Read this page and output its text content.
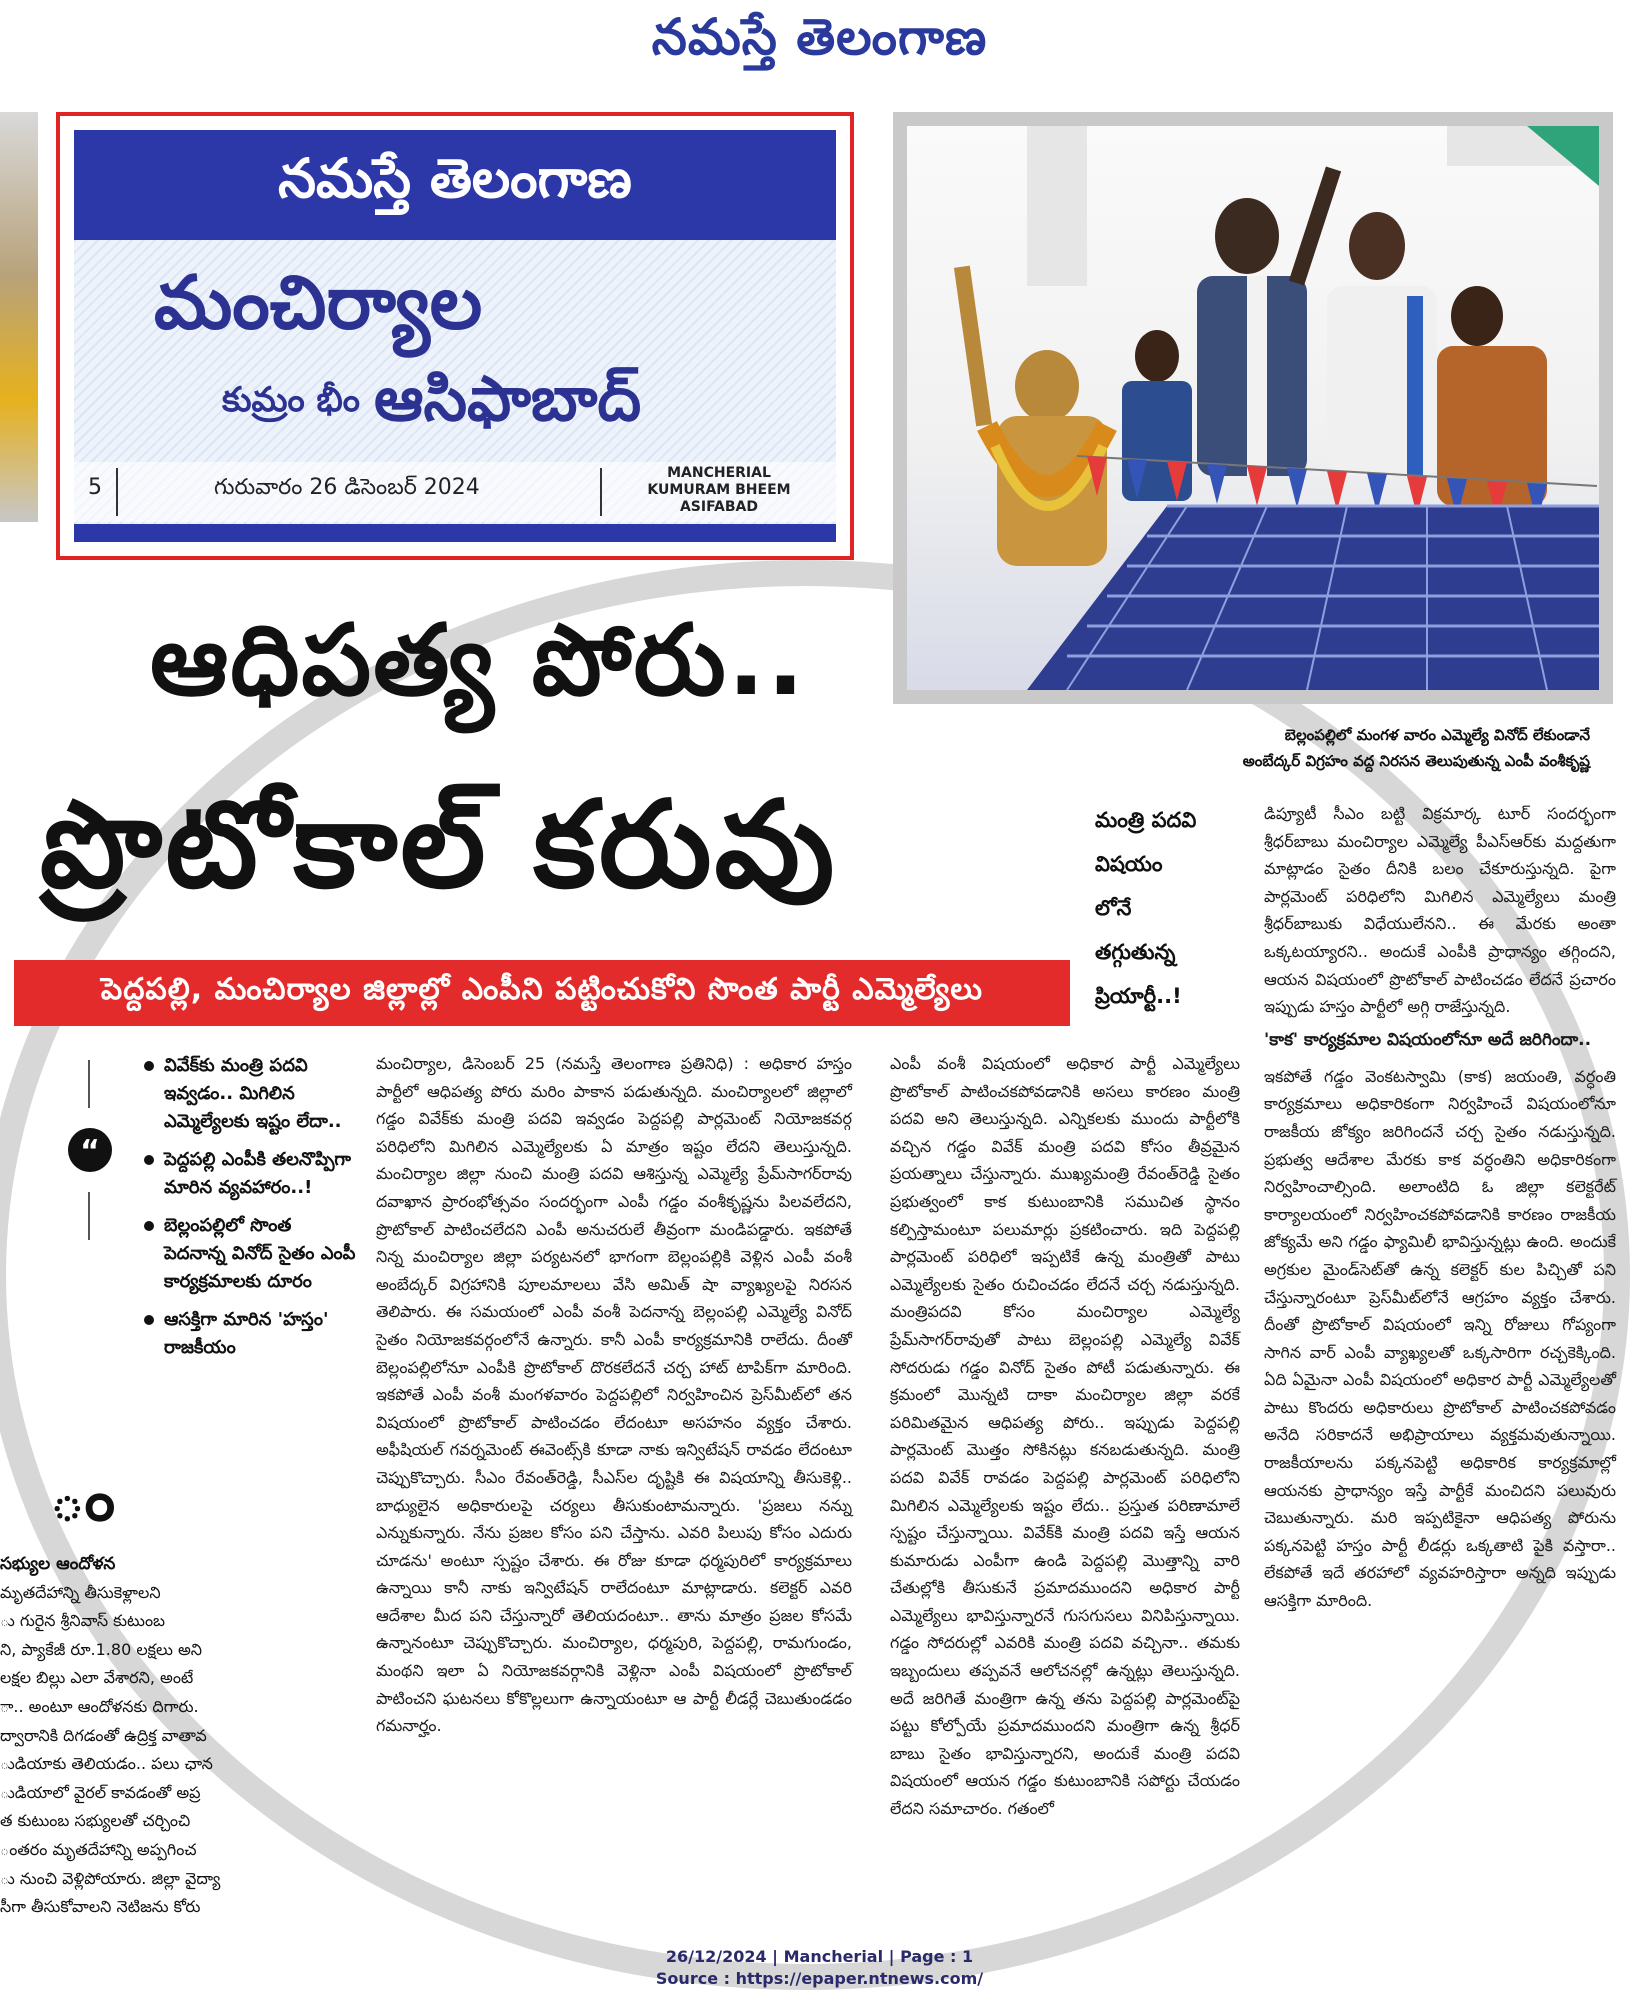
నమస్తే తెలంగాణ
నమస్తే తెలంగాణ
మంచిర్యాల
కుమ్రం భీం ఆసిఫాబాద్
5	గురువారం 26 డిసెంబర్ 2024
MANCHERIAL
KUMURAM BHEEM
ASIFABAD
బెల్లంపల్లిలో మంగళ వారం ఎమ్మెల్యే వినోద్ లేకుండానే
అంబేద్కర్ విగ్రహం వద్ద నిరసన తెలుపుతున్న ఎంపీ వంశీకృష్ణ
ఆధిపత్య పోరు..
ప్రొటోకాల్ కరువు
పెద్దపల్లి, మంచిర్యాల జిల్లాల్లో ఎంపీని పట్టించుకోని సొంత పార్టీ ఎమ్మెల్యేలు
మంత్రి పదవి
విషయం
లోనే
తగ్గుతున్న
ప్రియార్టీ..!
“
వివేక్‌కు మంత్రి పదవి ఇవ్వడం.. మిగిలిన ఎమ్మెల్యేలకు ఇష్టం లేదా..
పెద్దపల్లి ఎంపీకి తలనొప్పిగా మారిన వ్యవహారం..!
బెల్లంపల్లిలో సొంత పెదనాన్న వినోద్ సైతం ఎంపీ కార్యక్రమాలకు దూరం
ఆసక్తిగా మారిన 'హస్తం' రాజకీయం
ం
సభ్యుల ఆందోళన
మృతదేహాన్ని తీసుకెళ్లాలని
ు గురైన శ్రీనివాస్ కుటుంబ
ని, ప్యాకేజీ రూ.1.80 లక్షలు అని
లక్షల బిల్లు ఎలా వేశారని, అంటే
ా.. అంటూ ఆందోళనకు దిగారు.
ద్వారానికి దిగడంతో ఉద్రిక్త వాతావ
ుడియాకు తెలియడం.. పలు ఛాన
ుడియాలో వైరల్ కావడంతో అప్ర
త కుటుంబ సభ్యులతో చర్చించి
ంతరం మృతదేహాన్ని అప్పగించ
ు నుంచి వెళ్లిపోయారు. జిల్లా వైద్యా
సీగా తీసుకోవాలని నెటిజను కోరు

మంచిర్యాల, డిసెంబర్ 25 (నమస్తే తెలంగాణ ప్రతినిధి) : అధికార హస్తం పార్టీలో ఆధిపత్య పోరు మరిం పాకాన పడుతున్నది. మంచిర్యాలలో జిల్లాలో గడ్డం వివేక్‌కు మంత్రి పదవి ఇవ్వడం పెద్దపల్లి పార్లమెంట్ నియోజకవర్గ పరిధిలోని మిగిలిన ఎమ్మెల్యేలకు ఏ మాత్రం ఇష్టం లేదని తెలుస్తున్నది. మంచిర్యాల జిల్లా నుంచి మంత్రి పదవి ఆశిస్తున్న ఎమ్మెల్యే ప్రేమ్‌సాగర్‌రావు దవాఖాన ప్రారంభోత్సవం సందర్భంగా ఎంపీ గడ్డం వంశీకృష్ణను పిలవలేదని, ప్రొటోకాల్ పాటించలేదని ఎంపీ అనుచరులే తీవ్రంగా మండిపడ్డారు. ఇకపోతే నిన్న మంచిర్యాల జిల్లా పర్యటనలో భాగంగా బెల్లంపల్లికి వెళ్లిన ఎంపీ వంశీ అంబేద్కర్ విగ్రహానికి పూలమాలలు వేసి అమిత్ షా వ్యాఖ్యలపై నిరసన తెలిపారు. ఈ సమయంలో ఎంపీ వంశీ పెదనాన్న బెల్లంపల్లి ఎమ్మెల్యే వినోద్ సైతం నియోజకవర్గంలోనే ఉన్నారు. కానీ ఎంపీ కార్యక్రమానికి రాలేదు. దీంతో బెల్లంపల్లిలోనూ ఎంపీకి ప్రొటోకాల్ దొరకలేదనే చర్చ హాట్ టాపిక్‌గా మారింది. ఇకపోతే ఎంపీ వంశీ మంగళవారం పెద్దపల్లిలో నిర్వహించిన ప్రెస్‌మీట్‌లో తన విషయంలో ప్రొటోకాల్ పాటించడం లేదంటూ అసహనం వ్యక్తం చేశారు. అఫీషియల్ గవర్నమెంట్ ఈవెంట్స్‌కి కూడా నాకు ఇన్విటేషన్ రావడం లేదంటూ చెప్పుకొచ్చారు. సీఎం రేవంత్‌రెడ్డి, సీఎస్‌ల దృష్టికి ఈ విషయాన్ని తీసుకెళ్లి.. బాధ్యులైన అధికారులపై చర్యలు తీసుకుంటామన్నారు. 'ప్రజలు నన్ను ఎన్నుకున్నారు. నేను ప్రజల కోసం పని చేస్తాను. ఎవరి పిలుపు కోసం ఎదురు చూడను' అంటూ స్పష్టం చేశారు. ఈ రోజు కూడా ధర్మపురిలో కార్యక్రమాలు ఉన్నాయి కానీ నాకు ఇన్విటేషన్ రాలేదంటూ మాట్లాడారు. కలెక్టర్ ఎవరి ఆదేశాల మీద పని చేస్తున్నారో తెలియదంటూ.. తాను మాత్రం ప్రజల కోసమే ఉన్నానంటూ చెప్పుకొచ్చారు. మంచిర్యాల, ధర్మపురి, పెద్దపల్లి, రామగుండం, మంథని ఇలా ఏ నియోజకవర్గానికి వెళ్లినా ఎంపీ విషయంలో ప్రొటోకాల్ పాటించని ఘటనలు కోకొల్లలుగా ఉన్నాయంటూ ఆ పార్టీ లీడర్లే చెబుతుండడం గమనార్హం.

ఎంపీ వంశీ విషయంలో అధికార పార్టీ ఎమ్మెల్యేలు ప్రొటోకాల్ పాటించకపోవడానికి అసలు కారణం మంత్రి పదవి అని తెలుస్తున్నది. ఎన్నికలకు ముందు పార్టీలోకి వచ్చిన గడ్డం వివేక్ మంత్రి పదవి కోసం తీవ్రమైన ప్రయత్నాలు చేస్తున్నారు. ముఖ్యమంత్రి రేవంత్‌రెడ్డి సైతం ప్రభుత్వంలో కాక కుటుంబానికి సముచిత స్థానం కల్పిస్తామంటూ పలుమార్లు ప్రకటించారు. ఇది పెద్దపల్లి పార్లమెంట్ పరిధిలో ఇప్పటికే ఉన్న మంత్రితో పాటు ఎమ్మెల్యేలకు సైతం రుచించడం లేదనే చర్చ నడుస్తున్నది. మంత్రిపదవి కోసం మంచిర్యాల ఎమ్మెల్యే ప్రేమ్‌సాగర్‌రావుతో పాటు బెల్లంపల్లి ఎమ్మెల్యే వివేక్ సోదరుడు గడ్డం వినోద్ సైతం పోటీ పడుతున్నారు. ఈ క్రమంలో మొన్నటి దాకా మంచిర్యాల జిల్లా వరకే పరిమితమైన ఆధిపత్య పోరు.. ఇప్పుడు పెద్దపల్లి పార్లమెంట్ మొత్తం సోకినట్లు కనబడుతున్నది. మంత్రి పదవి వివేక్ రావడం పెద్దపల్లి పార్లమెంట్ పరిధిలోని మిగిలిన ఎమ్మెల్యేలకు ఇష్టం లేదు.. ప్రస్తుత పరిణామాలే స్పష్టం చేస్తున్నాయి. వివేక్‌కి మంత్రి పదవి ఇస్తే ఆయన కుమారుడు ఎంపీగా ఉండి పెద్దపల్లి మొత్తాన్ని వారి చేతుల్లోకి తీసుకునే ప్రమాదముందని అధికార పార్టీ ఎమ్మెల్యేలు భావిస్తున్నారనే గుసగుసలు వినిపిస్తున్నాయి. గడ్డం సోదరుల్లో ఎవరికి మంత్రి పదవి వచ్చినా.. తమకు ఇబ్బందులు తప్పవనే ఆలోచనల్లో ఉన్నట్లు తెలుస్తున్నది. అదే జరిగితే మంత్రిగా ఉన్న తను పెద్దపల్లి పార్లమెంట్‌పై పట్టు కోల్పోయే ప్రమాదముందని మంత్రిగా ఉన్న శ్రీధర్ బాబు సైతం భావిస్తున్నారని, అందుకే మంత్రి పదవి విషయంలో ఆయన గడ్డం కుటుంబానికి సపోర్టు చేయడం లేదని సమాచారం. గతంలో

డిప్యూటీ సీఎం బట్టి విక్రమార్క టూర్ సందర్భంగా శ్రీధర్‌బాబు మంచిర్యాల ఎమ్మెల్యే పీఎస్‌ఆర్‌కు మద్దతుగా మాట్లాడం సైతం దీనికి బలం చేకూరుస్తున్నది. పైగా పార్లమెంట్ పరిధిలోని మిగిలిన ఎమ్మెల్యేలు మంత్రి శ్రీధర్‌బాబుకు విధేయులేనని.. ఈ మేరకు అంతా ఒక్కటయ్యారని.. అందుకే ఎంపీకి ప్రాధాన్యం తగ్గిందని, ఆయన విషయంలో ప్రొటోకాల్ పాటించడం లేదనే ప్రచారం ఇప్పుడు హస్తం పార్టీలో అగ్గి రాజేస్తున్నది.

'కాక' కార్యక్రమాల విషయంలోనూ అదే జరిగిందా..

ఇకపోతే గడ్డం వెంకటస్వామి (కాక) జయంతి, వర్ధంతి కార్యక్రమాలు అధికారికంగా నిర్వహించే విషయంలోనూ రాజకీయ జోక్యం జరిగిందనే చర్చ సైతం నడుస్తున్నది. ప్రభుత్వ ఆదేశాల మేరకు కాక వర్ధంతిని అధికారికంగా నిర్వహించాల్సింది. అలాంటిది ఓ జిల్లా కలెక్టరేట్ కార్యాలయంలో నిర్వహించకపోవడానికి కారణం రాజకీయ జోక్యమే అని గడ్డం ఫ్యామిలీ భావిస్తున్నట్లు ఉంది. అందుకే అగ్రకుల మైండ్‌సెట్‌తో ఉన్న కలెక్టర్ కుల పిచ్చితో పని చేస్తున్నారంటూ ప్రెస్‌మీట్‌లోనే ఆగ్రహం వ్యక్తం చేశారు. దీంతో ప్రొటోకాల్ విషయంలో ఇన్ని రోజులు గోప్యంగా సాగిన వార్ ఎంపీ వ్యాఖ్యలతో ఒక్కసారిగా రచ్చకెక్కింది. ఏది ఏమైనా ఎంపీ విషయంలో అధికార పార్టీ ఎమ్మెల్యేలతో పాటు కొందరు అధికారులు ప్రొటోకాల్ పాటించకపోవడం అనేది సరికాదనే అభిప్రాయాలు వ్యక్తమవుతున్నాయి. రాజకీయాలను పక్కనపెట్టి అధికారిక కార్యక్రమాల్లో ఆయనకు ప్రాధాన్యం ఇస్తే పార్టీకే మంచిదని పలువురు చెబుతున్నారు. మరి ఇప్పటికైనా ఆధిపత్య పోరును పక్కనపెట్టి హస్తం పార్టీ లీడర్లు ఒక్కతాటి పైకి వస్తారా.. లేకపోతే ఇదే తరహాలో వ్యవహరిస్తారా అన్నది ఇప్పుడు ఆసక్తిగా మారింది.

26/12/2024 | Mancherial | Page : 1
Source : https://epaper.ntnews.com/
